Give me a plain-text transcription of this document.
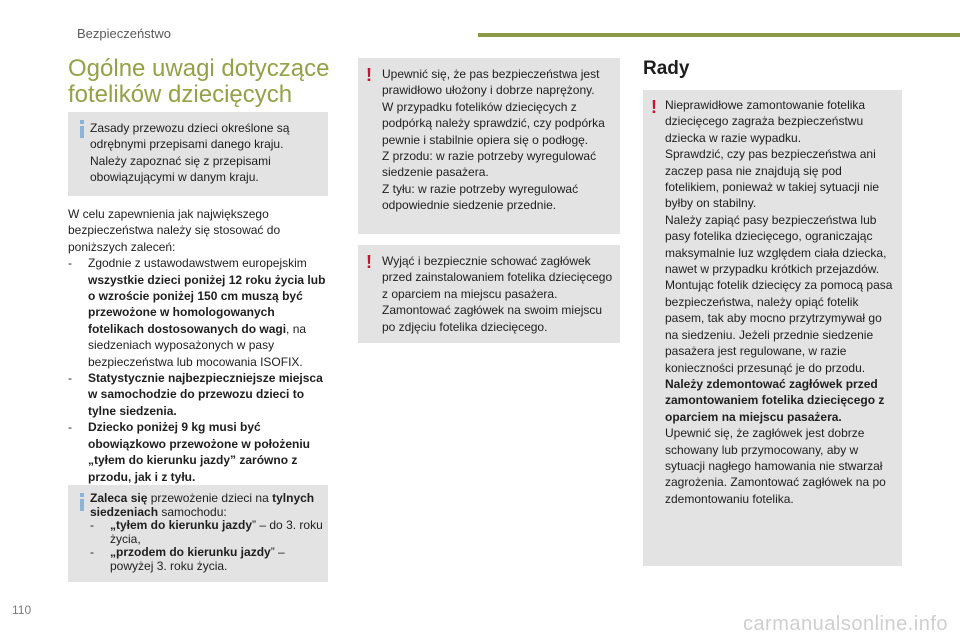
Bezpieczeństwo
Ogólne uwagi dotyczące
fotelików dziecięcych
Zasady przewozu dzieci określone są odrębnymi przepisami danego kraju. Należy zapoznać się z przepisami obowiązującymi w danym kraju.
W celu zapewnienia jak największego bezpieczeństwa należy się stosować do poniższych zaleceń:
- Zgodnie z ustawodawstwem europejskim wszystkie dzieci poniżej 12 roku życia lub o wzroście poniżej 150 cm muszą być przewożone w homologowanych fotelikach dostosowanych do wagi, na siedzeniach wyposażonych w pasy bezpieczeństwa lub mocowania ISOFIX.
- Statystycznie najbezpieczniejsze miejsca w samochodzie do przewozu dzieci to tylne siedzenia.
- Dziecko poniżej 9 kg musi być obowiązkowo przewożone w położeniu „tyłem do kierunku jazdy” zarówno z przodu, jak i z tyłu.
Zaleca się przewożenie dzieci na tylnych siedzeniach samochodu:
- „tyłem do kierunku jazdy” – do 3. roku życia,
- „przodem do kierunku jazdy” – powyżej 3. roku życia.
! Upewnić się, że pas bezpieczeństwa jest prawidłowo ułożony i dobrze naprężony.
W przypadku fotelików dziecięcych z podpórką należy sprawdzić, czy podpórka pewnie i stabilnie opiera się o podłogę.
Z przodu: w razie potrzeby wyregulować siedzenie pasażera.
Z tyłu: w razie potrzeby wyregulować odpowiednie siedzenie przednie.
! Wyjąć i bezpiecznie schować zagłówek przed zainstalowaniem fotelika dziecięcego z oparciem na miejscu pasażera. Zamontować zagłówek na swoim miejscu po zdjęciu fotelika dziecięcego.
Rady
! Nieprawidłowe zamontowanie fotelika dziecięcego zagraża bezpieczeństwu dziecka w razie wypadku.
Sprawdzić, czy pas bezpieczeństwa ani zaczep pasa nie znajdują się pod fotelikiem, ponieważ w takiej sytuacji nie byłby on stabilny.
Należy zapiąć pasy bezpieczeństwa lub pasy fotelika dziecięcego, ograniczając maksymalnie luz względem ciała dziecka, nawet w przypadku krótkich przejazdów.
Montując fotelik dziecięcy za pomocą pasa bezpieczeństwa, należy opiąć fotelik pasem, tak aby mocno przytrzymywał go na siedzeniu. Jeżeli przednie siedzenie pasażera jest regulowane, w razie konieczności przesunąć je do przodu.
Należy zdemontować zagłówek przed zamontowaniem fotelika dziecięcego z oparciem na miejscu pasażera.
Upewnić się, że zagłówek jest dobrze schowany lub przymocowany, aby w sytuacji nagłego hamowania nie stwarzał zagrożenia. Zamontować zagłówek na po zdemontowaniu fotelika.
110
carmanualsonline.info
